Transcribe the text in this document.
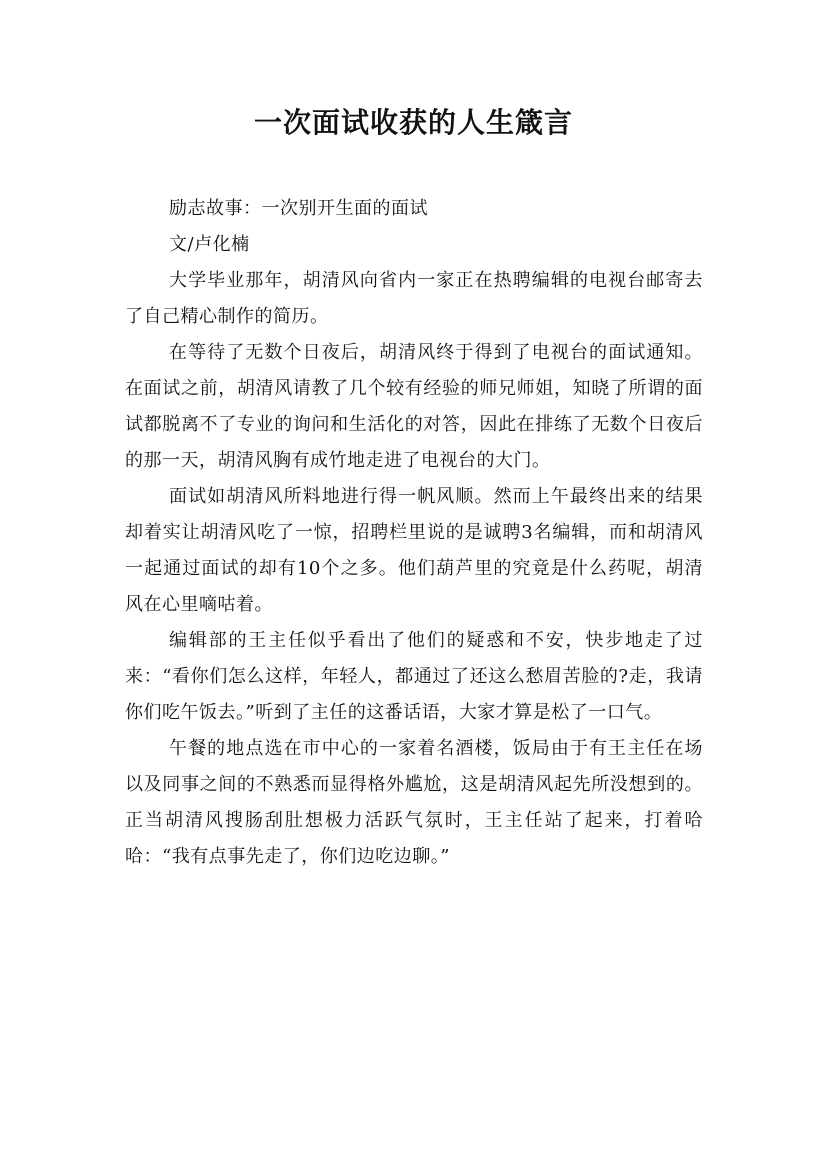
一次面试收获的人生箴言

励志故事：一次别开生面的面试

文/卢化楠

大学毕业那年，胡清风向省内一家正在热聘编辑的电视台邮寄去了自己精心制作的简历。

在等待了无数个日夜后，胡清风终于得到了电视台的面试通知。在面试之前，胡清风请教了几个较有经验的师兄师姐，知晓了所谓的面试都脱离不了专业的询问和生活化的对答，因此在排练了无数个日夜后的那一天，胡清风胸有成竹地走进了电视台的大门。

面试如胡清风所料地进行得一帆风顺。然而上午最终出来的结果却着实让胡清风吃了一惊，招聘栏里说的是诚聘3名编辑，而和胡清风一起通过面试的却有10个之多。他们葫芦里的究竟是什么药呢，胡清风在心里嘀咕着。

编辑部的王主任似乎看出了他们的疑惑和不安，快步地走了过来：“看你们怎么这样，年轻人，都通过了还这么愁眉苦脸的?走，我请你们吃午饭去。”听到了主任的这番话语，大家才算是松了一口气。

午餐的地点选在市中心的一家着名酒楼，饭局由于有王主任在场以及同事之间的不熟悉而显得格外尴尬，这是胡清风起先所没想到的。正当胡清风搜肠刮肚想极力活跃气氛时，王主任站了起来，打着哈哈：“我有点事先走了，你们边吃边聊。”
